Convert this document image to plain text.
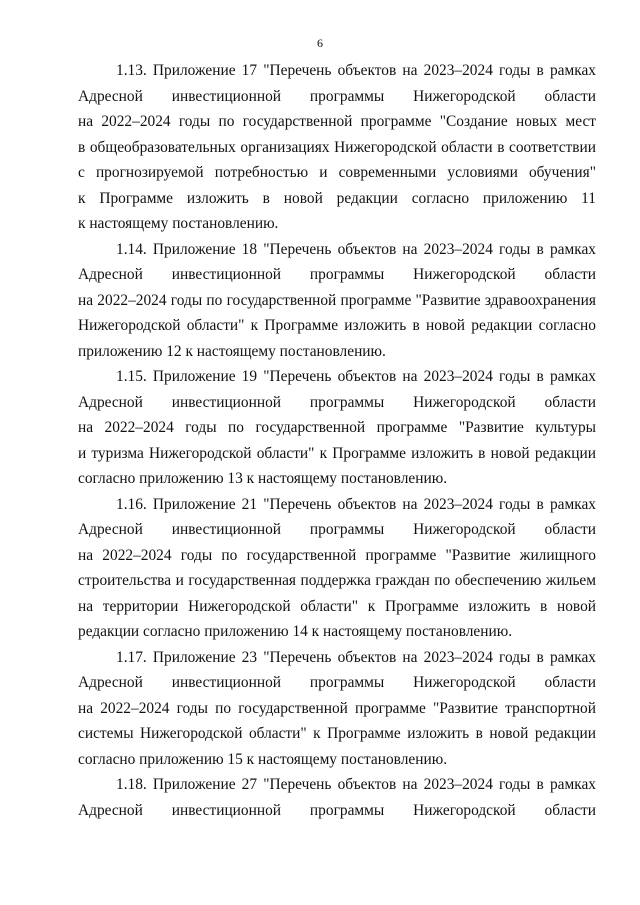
6
1.13. Приложение 17 "Перечень объектов на 2023–2024 годы в рамках
Адресной инвестиционной программы Нижегородской области
на 2022–2024 годы по государственной программе "Создание новых мест
в общеобразовательных организациях Нижегородской области в соответствии
с прогнозируемой потребностью и современными условиями обучения"
к Программе изложить в новой редакции согласно приложению 11
к настоящему постановлению.
1.14. Приложение 18 "Перечень объектов на 2023–2024 годы в рамках
Адресной инвестиционной программы Нижегородской области
на 2022–2024 годы по государственной программе "Развитие здравоохранения
Нижегородской области" к Программе изложить в новой редакции согласно
приложению 12 к настоящему постановлению.
1.15. Приложение 19 "Перечень объектов на 2023–2024 годы в рамках
Адресной инвестиционной программы Нижегородской области
на 2022–2024 годы по государственной программе "Развитие культуры
и туризма Нижегородской области" к Программе изложить в новой редакции
согласно приложению 13 к настоящему постановлению.
1.16. Приложение 21 "Перечень объектов на 2023–2024 годы в рамках
Адресной инвестиционной программы Нижегородской области
на 2022–2024 годы по государственной программе "Развитие жилищного
строительства и государственная поддержка граждан по обеспечению жильем
на территории Нижегородской области" к Программе изложить в новой
редакции согласно приложению 14 к настоящему постановлению.
1.17. Приложение 23 "Перечень объектов на 2023–2024 годы в рамках
Адресной инвестиционной программы Нижегородской области
на 2022–2024 годы по государственной программе "Развитие транспортной
системы Нижегородской области" к Программе изложить в новой редакции
согласно приложению 15 к настоящему постановлению.
1.18. Приложение 27 "Перечень объектов на 2023–2024 годы в рамках
Адресной инвестиционной программы Нижегородской области
